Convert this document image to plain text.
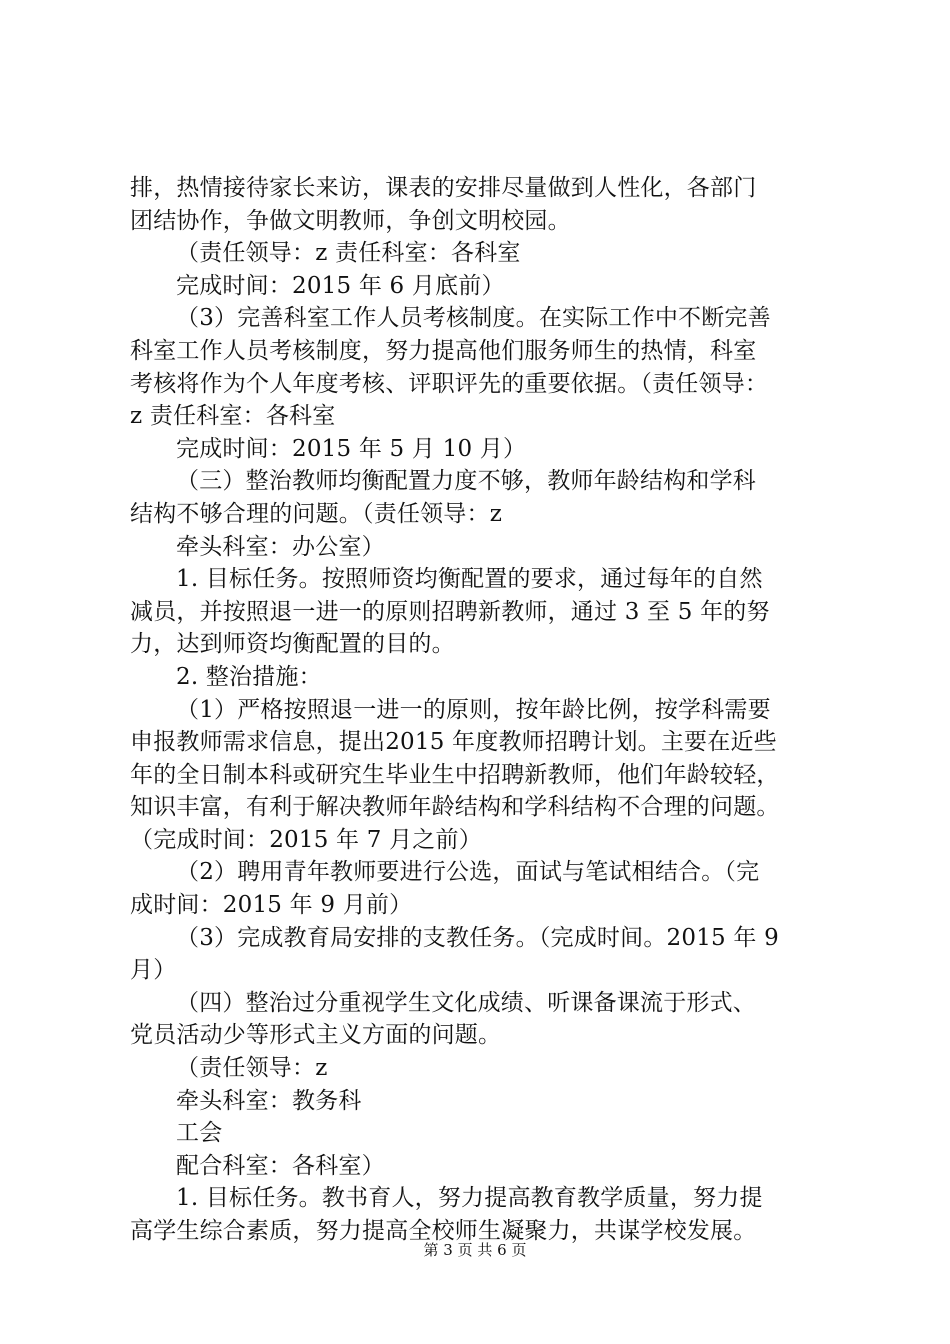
排，热情接待家长来访，课表的安排尽量做到人性化，各部门
团结协作，争做文明教师，争创文明校园。
（责任领导：z 责任科室：各科室
完成时间：2015 年 6 月底前）
（3）完善科室工作人员考核制度。在实际工作中不断完善
科室工作人员考核制度，努力提高他们服务师生的热情，科室
考核将作为个人年度考核、评职评先的重要依据。（责任领导：
z 责任科室：各科室
完成时间：2015 年 5 月 10 月）
（三）整治教师均衡配置力度不够，教师年龄结构和学科
结构不够合理的问题。（责任领导：z
牵头科室：办公室）
1. 目标任务。按照师资均衡配置的要求，通过每年的自然
减员，并按照退一进一的原则招聘新教师，通过 3 至 5 年的努
力，达到师资均衡配置的目的。
2. 整治措施：
（1）严格按照退一进一的原则，按年龄比例，按学科需要
申报教师需求信息，提出2015 年度教师招聘计划。主要在近些
年的全日制本科或研究生毕业生中招聘新教师，他们年龄较轻，
知识丰富，有利于解决教师年龄结构和学科结构不合理的问题。
（完成时间：2015 年 7 月之前）
（2）聘用青年教师要进行公选，面试与笔试相结合。（完
成时间：2015 年 9 月前）
（3）完成教育局安排的支教任务。（完成时间。2015 年 9
月）
（四）整治过分重视学生文化成绩、听课备课流于形式、
党员活动少等形式主义方面的问题。
（责任领导：z
牵头科室：教务科
工会
配合科室：各科室）
1. 目标任务。教书育人，努力提高教育教学质量，努力提
高学生综合素质，努力提高全校师生凝聚力，共谋学校发展。
第 3 页 共 6 页
